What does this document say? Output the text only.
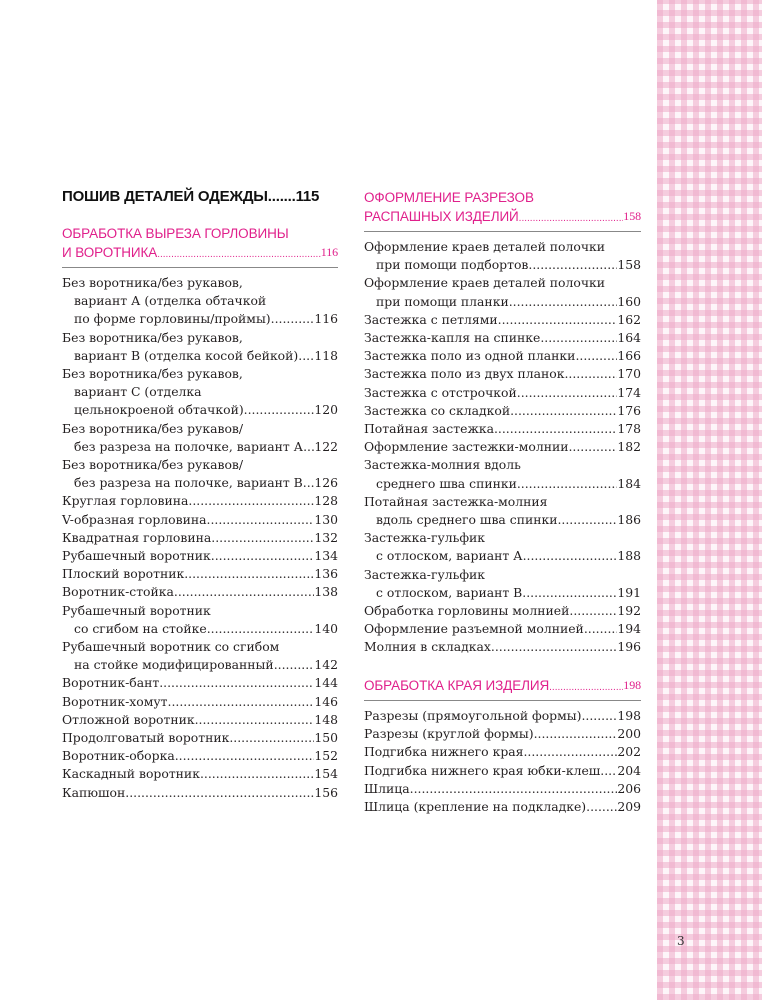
3
ПОШИВ ДЕТАЛЕЙ ОДЕЖДЫ.......115
ОБРАБОТКА ВЫРЕЗА ГОРЛОВИНЫ
И ВОРОТНИКА .....	116
Без воротника/без рукавов,
вариант А (отделка обтачкой
по форме горловины/проймы) .....	116
Без воротника/без рукавов,
вариант B (отделка косой бейкой) ..... 118
Без воротника/без рукавов,
вариант С (отделка
цельнокроеной обтачкой) .....	120
Без воротника/без рукавов/
без разреза на полочке, вариант А ..... 122
Без воротника/без рукавов/
без разреза на полочке, вариант В ..... 126
Круглая горловина .....	128
V-образная горловина .....	130
Квадратная горловина .....	132
Рубашечный воротник .....	134
Плоский воротник .....	136
Воротник-стойка .....	138
Рубашечный воротник
со сгибом на стойке .....	140
Рубашечный воротник со сгибом
на стойке модифицированный .....	142
Воротник-бант .....	144
Воротник-хомут .....	146
Отложной воротник .....	148
Продолговатый воротник .....	150
Воротник-оборка .....	152
Каскадный воротник .....	154
Капюшон .....	156
ОФОРМЛЕНИЕ РАЗРЕЗОВ
РАСПАШНЫХ ИЗДЕЛИЙ .....	158
Оформление краев деталей полочки
при помощи подбортов .....	158
Оформление краев деталей полочки
при помощи планки .....	160
Застежка с петлями .....	162
Застежка-капля на спинке .....	164
Застежка поло из одной планки .....	166
Застежка поло из двух планок .....	170
Застежка с отстрочкой .....	174
Застежка со складкой .....	176
Потайная застежка .....	178
Оформление застежки-молнии .....	182
Застежка-молния вдоль
среднего шва спинки .....	184
Потайная застежка-молния
вдоль среднего шва спинки .....	186
Застежка-гульфик
с отлоском, вариант А .....	188
Застежка-гульфик
с отлоском, вариант В .....	191
Обработка горловины молнией .....	192
Оформление разъемной молнией .....	194
Молния в складках .....	196
ОБРАБОТКА КРАЯ ИЗДЕЛИЯ .....	198
Разрезы (прямоугольной формы) .....	198
Разрезы (круглой формы) .....	200
Подгибка нижнего края .....	202
Подгибка нижнего края юбки-клеш ..... 204
Шлица .....	206
Шлица (крепление на подкладке) .....	209
